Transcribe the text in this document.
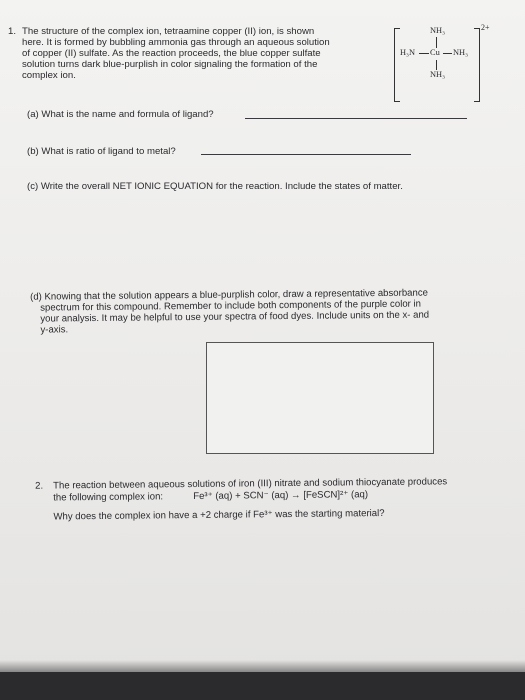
1. The structure of the complex ion, tetraamine copper (II) ion, is shown
here. It is formed by bubbling ammonia gas through an aqueous solution
of copper (II) sulfate. As the reaction proceeds, the blue copper sulfate
solution turns dark blue-purplish in color signaling the formation of the
complex ion.
2+
NH₃
H₃N Cu NH₃
NH₃
(a) What is the name and formula of ligand?
(b) What is ratio of ligand to metal?
(c) Write the overall NET IONIC EQUATION for the reaction. Include the states of matter.
(d) Knowing that the solution appears a blue-purplish color, draw a representative absorbance
spectrum for this compound. Remember to include both components of the purple color in
your analysis. It may be helpful to use your spectra of food dyes. Include units on the x- and
y-axis.
2. The reaction between aqueous solutions of iron (III) nitrate and sodium thiocyanate produces
the following complex ion:	Fe³⁺ (aq) + SCN⁻ (aq) → [FeSCN]²⁺ (aq)
Why does the complex ion have a +2 charge if Fe³⁺ was the starting material?
